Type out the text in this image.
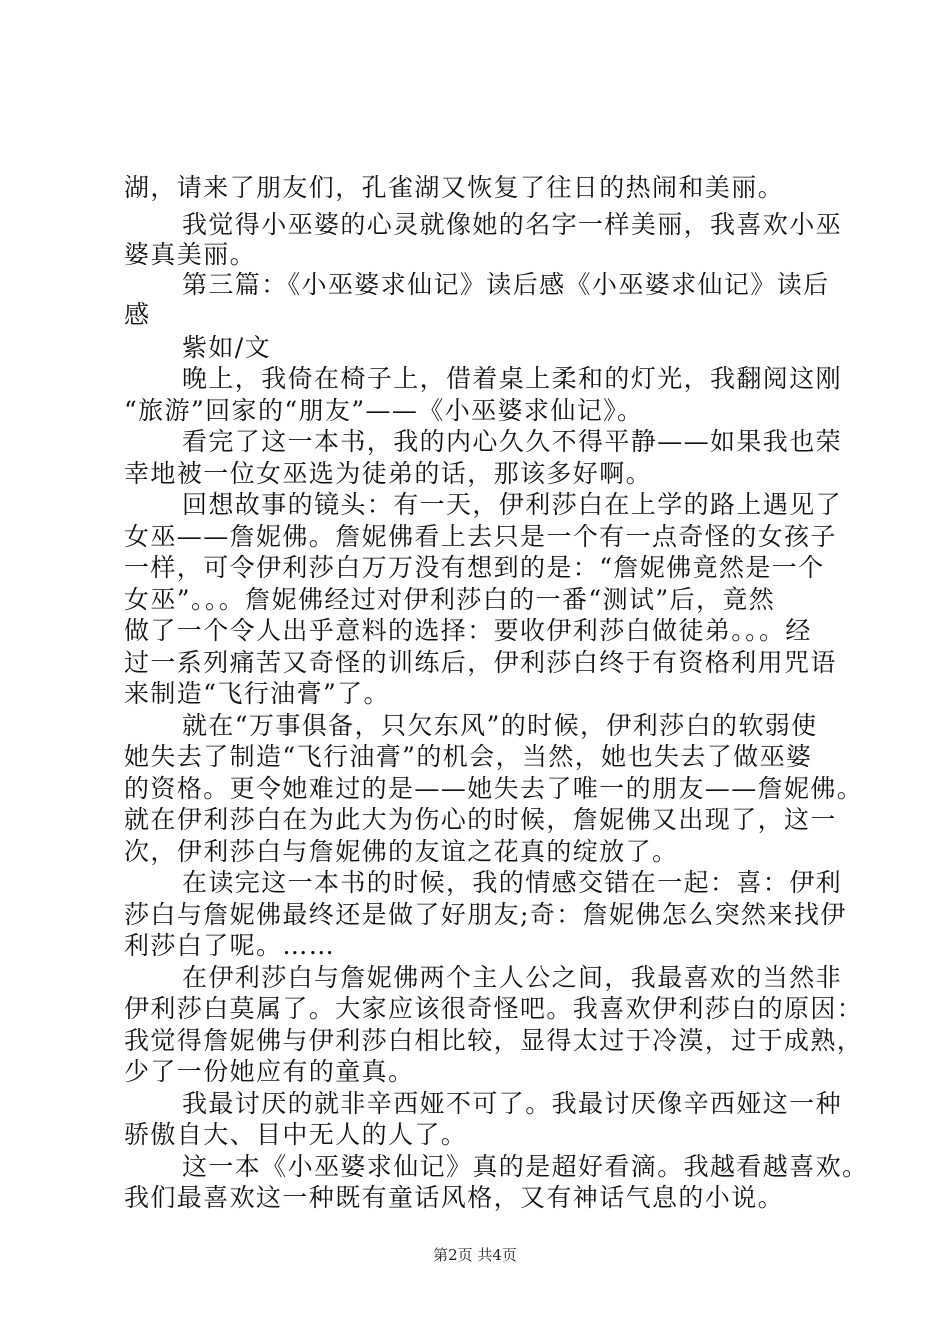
湖，请来了朋友们，孔雀湖又恢复了往日的热闹和美丽。
我觉得小巫婆的心灵就像她的名字一样美丽，我喜欢小巫
婆真美丽。
第三篇：《小巫婆求仙记》读后感《小巫婆求仙记》读后
感
紫如/文
晚上，我倚在椅子上，借着桌上柔和的灯光，我翻阅这刚
“旅游”回家的“朋友”——《小巫婆求仙记》。
看完了这一本书，我的内心久久不得平静——如果我也荣
幸地被一位女巫选为徒弟的话，那该多好啊。
回想故事的镜头：有一天，伊利莎白在上学的路上遇见了
女巫——詹妮佛。詹妮佛看上去只是一个有一点奇怪的女孩子
一样，可令伊利莎白万万没有想到的是：“詹妮佛竟然是一个
女巫”。。。詹妮佛经过对伊利莎白的一番“测试”后，竟然
做了一个令人出乎意料的选择：要收伊利莎白做徒弟。。。经
过一系列痛苦又奇怪的训练后，伊利莎白终于有资格利用咒语
来制造“飞行油膏”了。
就在“万事俱备，只欠东风”的时候，伊利莎白的软弱使
她失去了制造“飞行油膏”的机会，当然，她也失去了做巫婆
的资格。更令她难过的是——她失去了唯一的朋友——詹妮佛。
就在伊利莎白在为此大为伤心的时候，詹妮佛又出现了，这一
次，伊利莎白与詹妮佛的友谊之花真的绽放了。
在读完这一本书的时候，我的情感交错在一起：喜：伊利
莎白与詹妮佛最终还是做了好朋友;奇：詹妮佛怎么突然来找伊
利莎白了呢。……
在伊利莎白与詹妮佛两个主人公之间，我最喜欢的当然非
伊利莎白莫属了。大家应该很奇怪吧。我喜欢伊利莎白的原因：
我觉得詹妮佛与伊利莎白相比较，显得太过于冷漠，过于成熟，
少了一份她应有的童真。
我最讨厌的就非辛西娅不可了。我最讨厌像辛西娅这一种
骄傲自大、目中无人的人了。
这一本《小巫婆求仙记》真的是超好看滴。我越看越喜欢。
我们最喜欢这一种既有童话风格，又有神话气息的小说。
第2页 共4页
